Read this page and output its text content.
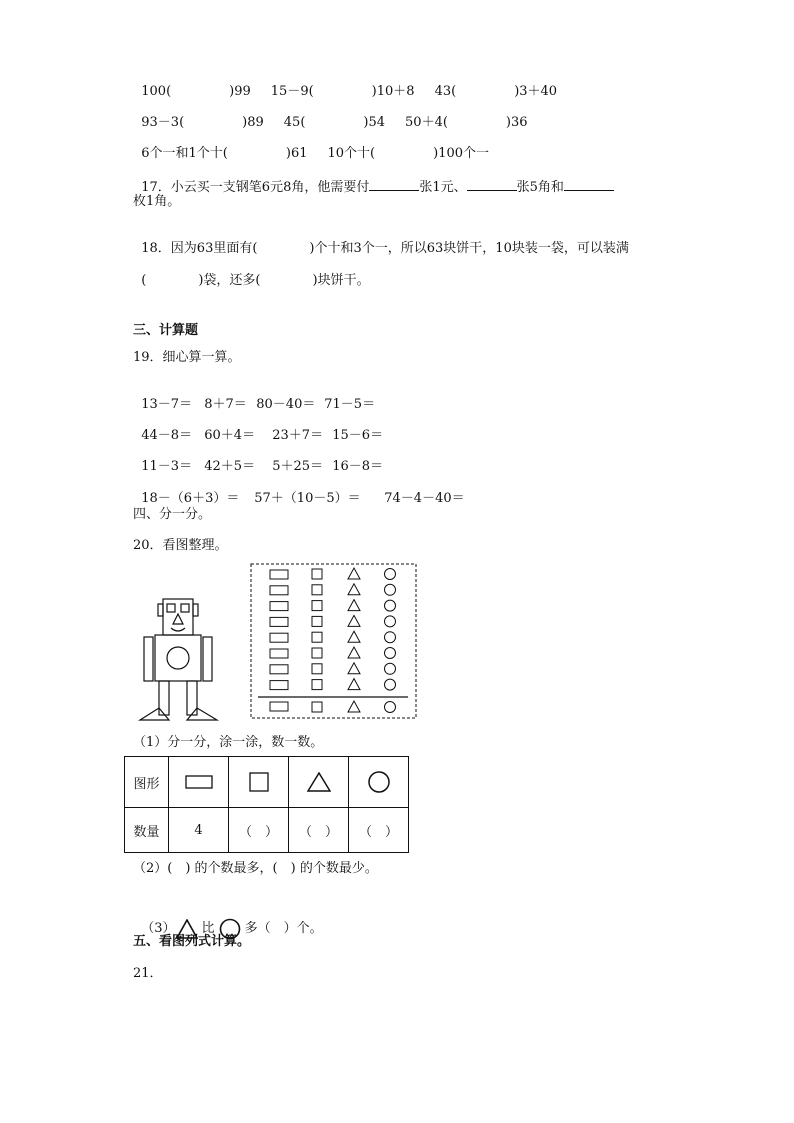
100(	)99 15－9(	)10＋8 43(	)3＋40

93－3(	)89 45(	)54 50＋4(	)36

6个一和1个十(	)61 10个十(	)100个一

17．小云买一支钢笔6元8角，他需要付	张1元、	张5角和

枚1角。

18．因为63里面有(	)个十和3个一，所以63块饼干，10块装一袋，可以装满

(	)袋，还多(	)块饼干。

三、计算题
19．细心算一算。

13－7＝ 8＋7＝ 80－40＝ 71－5＝

44－8＝ 60＋4＝ 23＋7＝ 15－6＝

11－3＝ 42＋5＝ 5＋25＝ 16－8＝

18－（6＋3）＝ 57＋（10－5）＝ 74－4－40＝

四、分一分。
20．看图整理。
（1）分一分，涂一涂，数一数。
图形				
数量	4	（　）	（　）	（　）
（2）(　) 的个数最多，(　) 的个数最少。

（3） 比 多（　）个。

五、看图列式计算。
21．
